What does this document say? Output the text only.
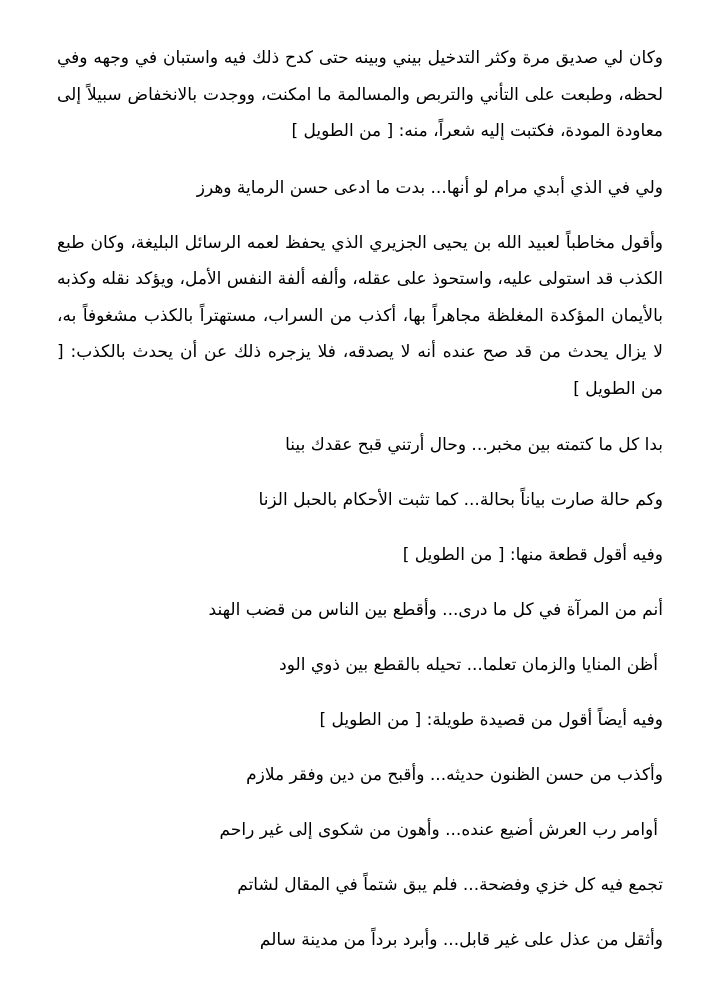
وكان لي صديق مرة وكثر التدخيل بيني وبينه حتى كدح ذلك فيه واستبان في وجهه وفي لحظه، وطبعت على التأني والتربص والمسالمة ما امكنت، ووجدت بالانخفاض سبيلاً إلى معاودة المودة، فكتبت إليه شعراً، منه: [ من الطويل ]

ولي في الذي أبدي مرام لو أنها... بدت ما ادعى حسن الرماية وهرز

وأقول مخاطباً لعبيد الله بن يحيى الجزيري الذي يحفظ لعمه الرسائل البليغة، وكان طبع الكذب قد استولى عليه، واستحوذ على عقله، وألفه ألفة النفس الأمل، ويؤكد نقله وكذبه بالأيمان المؤكدة المغلظة مجاهراً بها، أكذب من السراب، مستهتراً بالكذب مشغوفاً به، لا يزال يحدث من قد صح عنده أنه لا يصدقه، فلا يزجره ذلك عن أن يحدث بالكذب: [ من الطويل ]

بدا كل ما كتمته بين مخبر... وحال أرتني قبح عقدك بينا
وكم حالة صارت بياناً بحالة... كما تثبت الأحكام بالحبل الزنا
وفيه أقول قطعة منها: [ من الطويل ]
أنم من المرآة في كل ما درى... وأقطع بين الناس من قضب الهند
أظن المنايا والزمان تعلما... تحيله بالقطع بين ذوي الود
وفيه أيضاً أقول من قصيدة طويلة: [ من الطويل ]
وأكذب من حسن الظنون حديثه... وأقبح من دين وفقر ملازم
أوامر رب العرش أضيع عنده... وأهون من شكوى إلى غير راحم
تجمع فيه كل خزي وفضحة... فلم يبق شتماً في المقال لشاتم
وأثقل من عذل على غير قابل... وأبرد برداً من مدينة سالم
